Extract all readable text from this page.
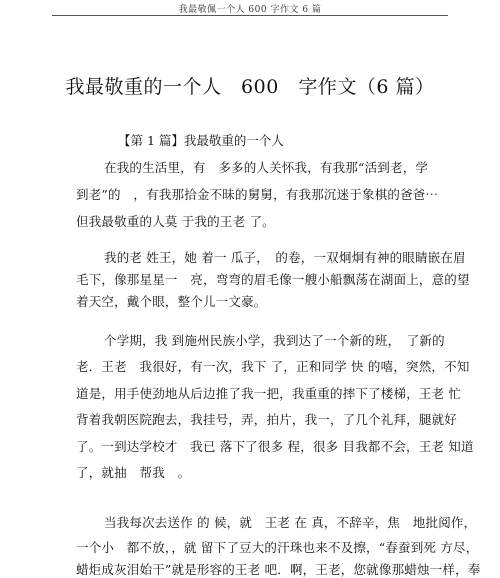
我最敬佩一个人 600 字作文 6 篇
我最敬重的一个人　600　字作文（6 篇）
【第 1 篇】我最敬重的一个人
在我的生活里，有　多多的人关怀我，有我那“活到老，学
到老”的　，有我那拾金不昧的舅舅，有我那沉迷于象棋的爸爸⋯
但我最敬重的人莫 于我的王老 了。
我的老 姓王，她 着一 瓜子，　的卷，一双炯炯有神的眼睛嵌在眉
毛下，像那星星一　亮，弯弯的眉毛像一艘小船飘荡在湖面上，意的望
着天空，戴个眼，整个儿一文豪。
个学期，我 到施州民族小学，我到达了一个新的班，　了新的
老．王老　我很好，有一次，我下 了，正和同学 快 的嘻，突然，不知
道是，用手使劲地从后边推了我一把，我重重的摔下了楼梯，王老 忙
背着我朝医院跑去，我挂号，弄，拍片，我一，了几个礼拜，腿就好
了。一到达学校才　我已 落下了很多 程，很多 目我都不会，王老 知道
了，就抽　帮我　。
当我每次去送作 的 候，就　王老 在 真，不辞辛，焦　地批阅作，
一个小　都不放，，就 留下了豆大的汗珠也来不及擦，“春蚕到死 方尽，
蜡炬成灰泪始干”就是形容的王老 吧．啊，王老，您就像那蜡烛一样，奉
